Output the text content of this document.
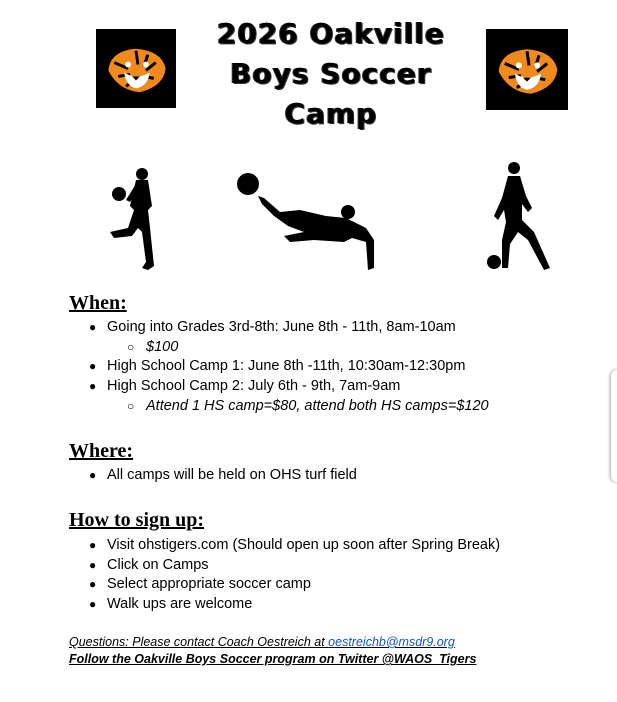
2026 Oakville
Boys Soccer
Camp
When:
● Going into Grades 3rd-8th: June 8th - 11th, 8am-10am
○ $100
● High School Camp 1: June 8th -11th, 10:30am-12:30pm
● High School Camp 2: July 6th - 9th, 7am-9am
○ Attend 1 HS camp=$80, attend both HS camps=$120
Where:
● All camps will be held on OHS turf field
How to sign up:
● Visit ohstigers.com (Should open up soon after Spring Break)
● Click on Camps
● Select appropriate soccer camp
● Walk ups are welcome
Questions: Please contact Coach Oestreich at oestreichb@msdr9.org
Follow the Oakville Boys Soccer program on Twitter @WAOS_Tigers
